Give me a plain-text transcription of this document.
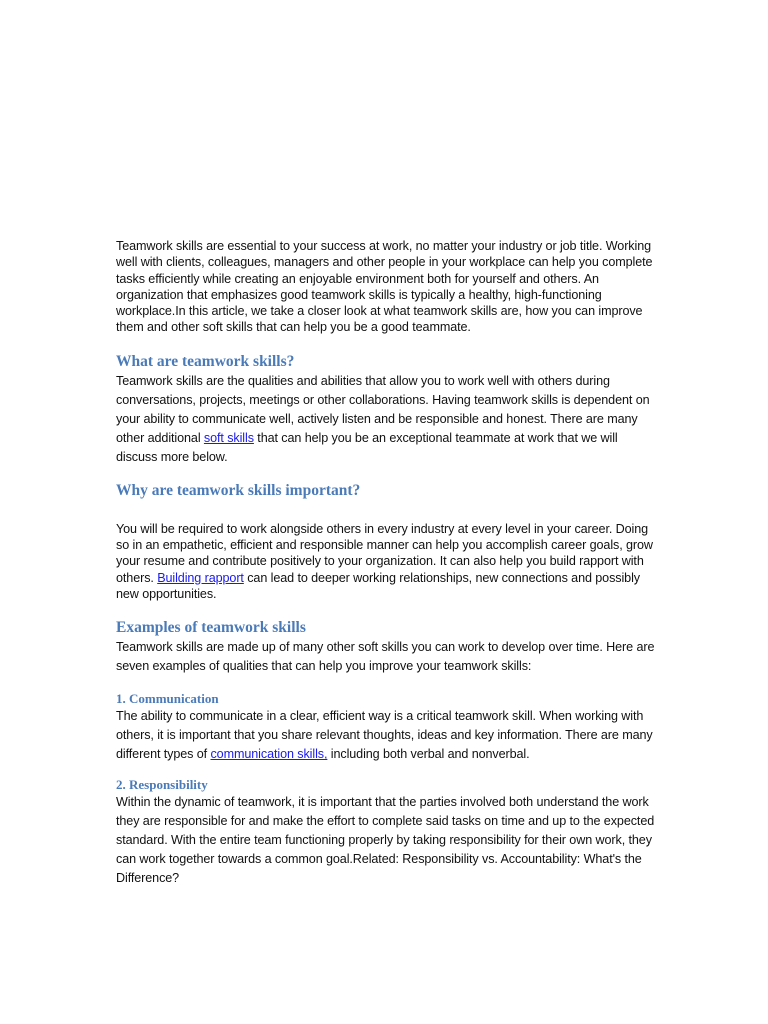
Teamwork skills are essential to your success at work, no matter your industry or job title. Working well with clients, colleagues, managers and other people in your workplace can help you complete tasks efficiently while creating an enjoyable environment both for yourself and others. An organization that emphasizes good teamwork skills is typically a healthy, high-functioning workplace.In this article, we take a closer look at what teamwork skills are, how you can improve them and other soft skills that can help you be a good teammate.

What are teamwork skills?

Teamwork skills are the qualities and abilities that allow you to work well with others during conversations, projects, meetings or other collaborations. Having teamwork skills is dependent on your ability to communicate well, actively listen and be responsible and honest. There are many other additional soft skills that can help you be an exceptional teammate at work that we will discuss more below.

Why are teamwork skills important?

You will be required to work alongside others in every industry at every level in your career. Doing so in an empathetic, efficient and responsible manner can help you accomplish career goals, grow your resume and contribute positively to your organization. It can also help you build rapport with others. Building rapport can lead to deeper working relationships, new connections and possibly new opportunities.

Examples of teamwork skills

Teamwork skills are made up of many other soft skills you can work to develop over time. Here are seven examples of qualities that can help you improve your teamwork skills:

1. Communication

The ability to communicate in a clear, efficient way is a critical teamwork skill. When working with others, it is important that you share relevant thoughts, ideas and key information. There are many different types of communication skills, including both verbal and nonverbal.

2. Responsibility

Within the dynamic of teamwork, it is important that the parties involved both understand the work they are responsible for and make the effort to complete said tasks on time and up to the expected standard. With the entire team functioning properly by taking responsibility for their own work, they can work together towards a common goal.Related: Responsibility vs. Accountability: What's the Difference?
